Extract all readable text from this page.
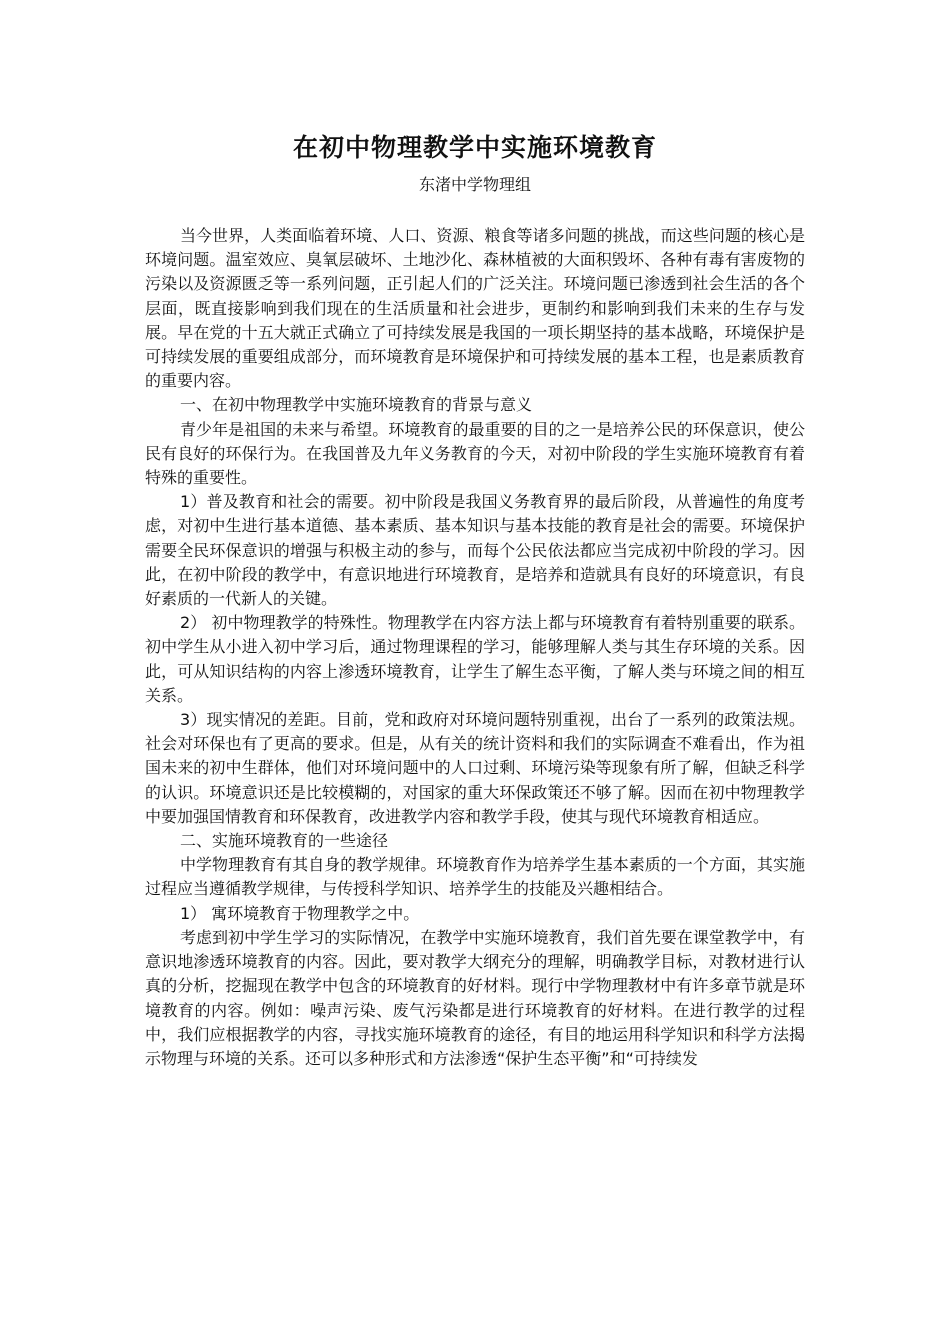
在初中物理教学中实施环境教育

东渚中学物理组

当今世界，人类面临着环境、人口、资源、粮食等诸多问题的挑战，而这些问题的核心是环境问题。温室效应、臭氧层破坏、土地沙化、森林植被的大面积毁坏、各种有毒有害废物的污染以及资源匮乏等一系列问题，正引起人们的广泛关注。环境问题已渗透到社会生活的各个层面，既直接影响到我们现在的生活质量和社会进步，更制约和影响到我们未来的生存与发展。早在党的十五大就正式确立了可持续发展是我国的一项长期坚持的基本战略，环境保护是可持续发展的重要组成部分，而环境教育是环境保护和可持续发展的基本工程，也是素质教育的重要内容。

一、在初中物理教学中实施环境教育的背景与意义

青少年是祖国的未来与希望。环境教育的最重要的目的之一是培养公民的环保意识，使公民有良好的环保行为。在我国普及九年义务教育的今天，对初中阶段的学生实施环境教育有着特殊的重要性。

1）普及教育和社会的需要。初中阶段是我国义务教育界的最后阶段，从普遍性的角度考虑，对初中生进行基本道德、基本素质、基本知识与基本技能的教育是社会的需要。环境保护需要全民环保意识的增强与积极主动的参与，而每个公民依法都应当完成初中阶段的学习。因此，在初中阶段的教学中，有意识地进行环境教育，是培养和造就具有良好的环境意识，有良好素质的一代新人的关键。

2） 初中物理教学的特殊性。物理教学在内容方法上都与环境教育有着特别重要的联系。初中学生从小进入初中学习后，通过物理课程的学习，能够理解人类与其生存环境的关系。因此，可从知识结构的内容上渗透环境教育，让学生了解生态平衡，了解人类与环境之间的相互关系。

3）现实情况的差距。目前，党和政府对环境问题特别重视，出台了一系列的政策法规。社会对环保也有了更高的要求。但是，从有关的统计资料和我们的实际调查不难看出，作为祖国未来的初中生群体，他们对环境问题中的人口过剩、环境污染等现象有所了解，但缺乏科学的认识。环境意识还是比较模糊的，对国家的重大环保政策还不够了解。因而在初中物理教学中要加强国情教育和环保教育，改进教学内容和教学手段，使其与现代环境教育相适应。

二、实施环境教育的一些途径

中学物理教育有其自身的教学规律。环境教育作为培养学生基本素质的一个方面，其实施过程应当遵循教学规律，与传授科学知识、培养学生的技能及兴趣相结合。

1） 寓环境教育于物理教学之中。

考虑到初中学生学习的实际情况，在教学中实施环境教育，我们首先要在课堂教学中，有意识地渗透环境教育的内容。因此，要对教学大纲充分的理解，明确教学目标，对教材进行认真的分析，挖掘现在教学中包含的环境教育的好材料。现行中学物理教材中有许多章节就是环境教育的内容。例如：噪声污染、废气污染都是进行环境教育的好材料。在进行教学的过程中，我们应根据教学的内容，寻找实施环境教育的途径，有目的地运用科学知识和科学方法揭示物理与环境的关系。还可以多种形式和方法渗透“保护生态平衡”和“可持续发
